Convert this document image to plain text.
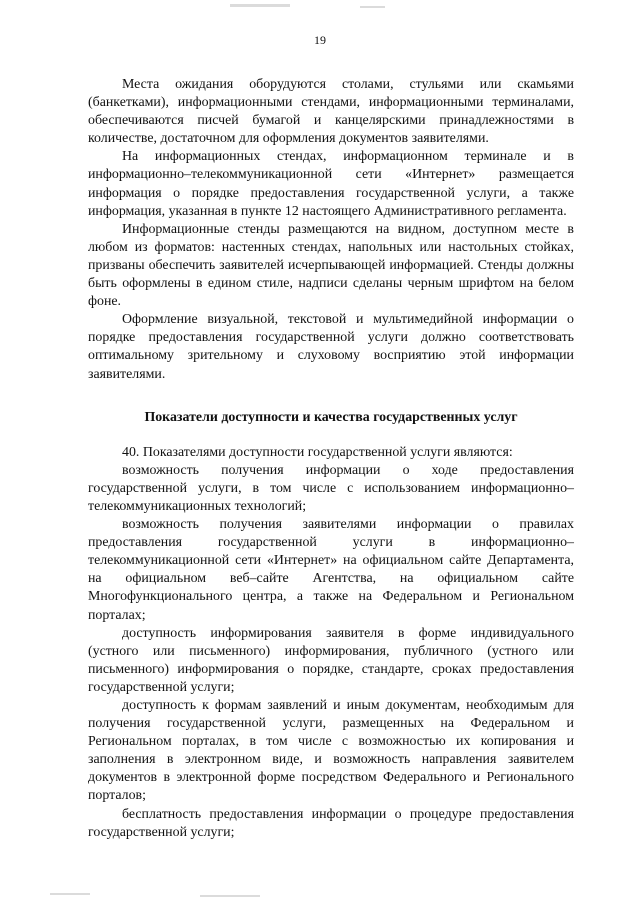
19

Места ожидания оборудуются столами, стульями или скамьями (банкетками), информационными стендами, информационными терминалами, обеспечиваются писчей бумагой и канцелярскими принадлежностями в количестве, достаточном для оформления документов заявителями.

На информационных стендах, информационном терминале и в информационно–телекоммуникационной сети «Интернет» размещается информация о порядке предоставления государственной услуги, а также информация, указанная в пункте 12 настоящего Административного регламента.

Информационные стенды размещаются на видном, доступном месте в любом из форматов: настенных стендах, напольных или настольных стойках, призваны обеспечить заявителей исчерпывающей информацией. Стенды должны быть оформлены в едином стиле, надписи сделаны черным шрифтом на белом фоне.

Оформление визуальной, текстовой и мультимедийной информации о порядке предоставления государственной услуги должно соответствовать оптимальному зрительному и слуховому восприятию этой информации заявителями.

Показатели доступности и качества государственных услуг

40. Показателями доступности государственной услуги являются:

возможность получения информации о ходе предоставления государственной услуги, в том числе с использованием информационно–телекоммуникационных технологий;

возможность получения заявителями информации о правилах предоставления государственной услуги в информационно–телекоммуникационной сети «Интернет» на официальном сайте Департамента, на официальном веб–сайте Агентства, на официальном сайте Многофункционального центра, а также на Федеральном и Региональном порталах;

доступность информирования заявителя в форме индивидуального (устного или письменного) информирования, публичного (устного или письменного) информирования о порядке, стандарте, сроках предоставления государственной услуги;

доступность к формам заявлений и иным документам, необходимым для получения государственной услуги, размещенных на Федеральном и Региональном порталах, в том числе с возможностью их копирования и заполнения в электронном виде, и возможность направления заявителем документов в электронной форме посредством Федерального и Регионального порталов;

бесплатность предоставления информации о процедуре предоставления государственной услуги;
